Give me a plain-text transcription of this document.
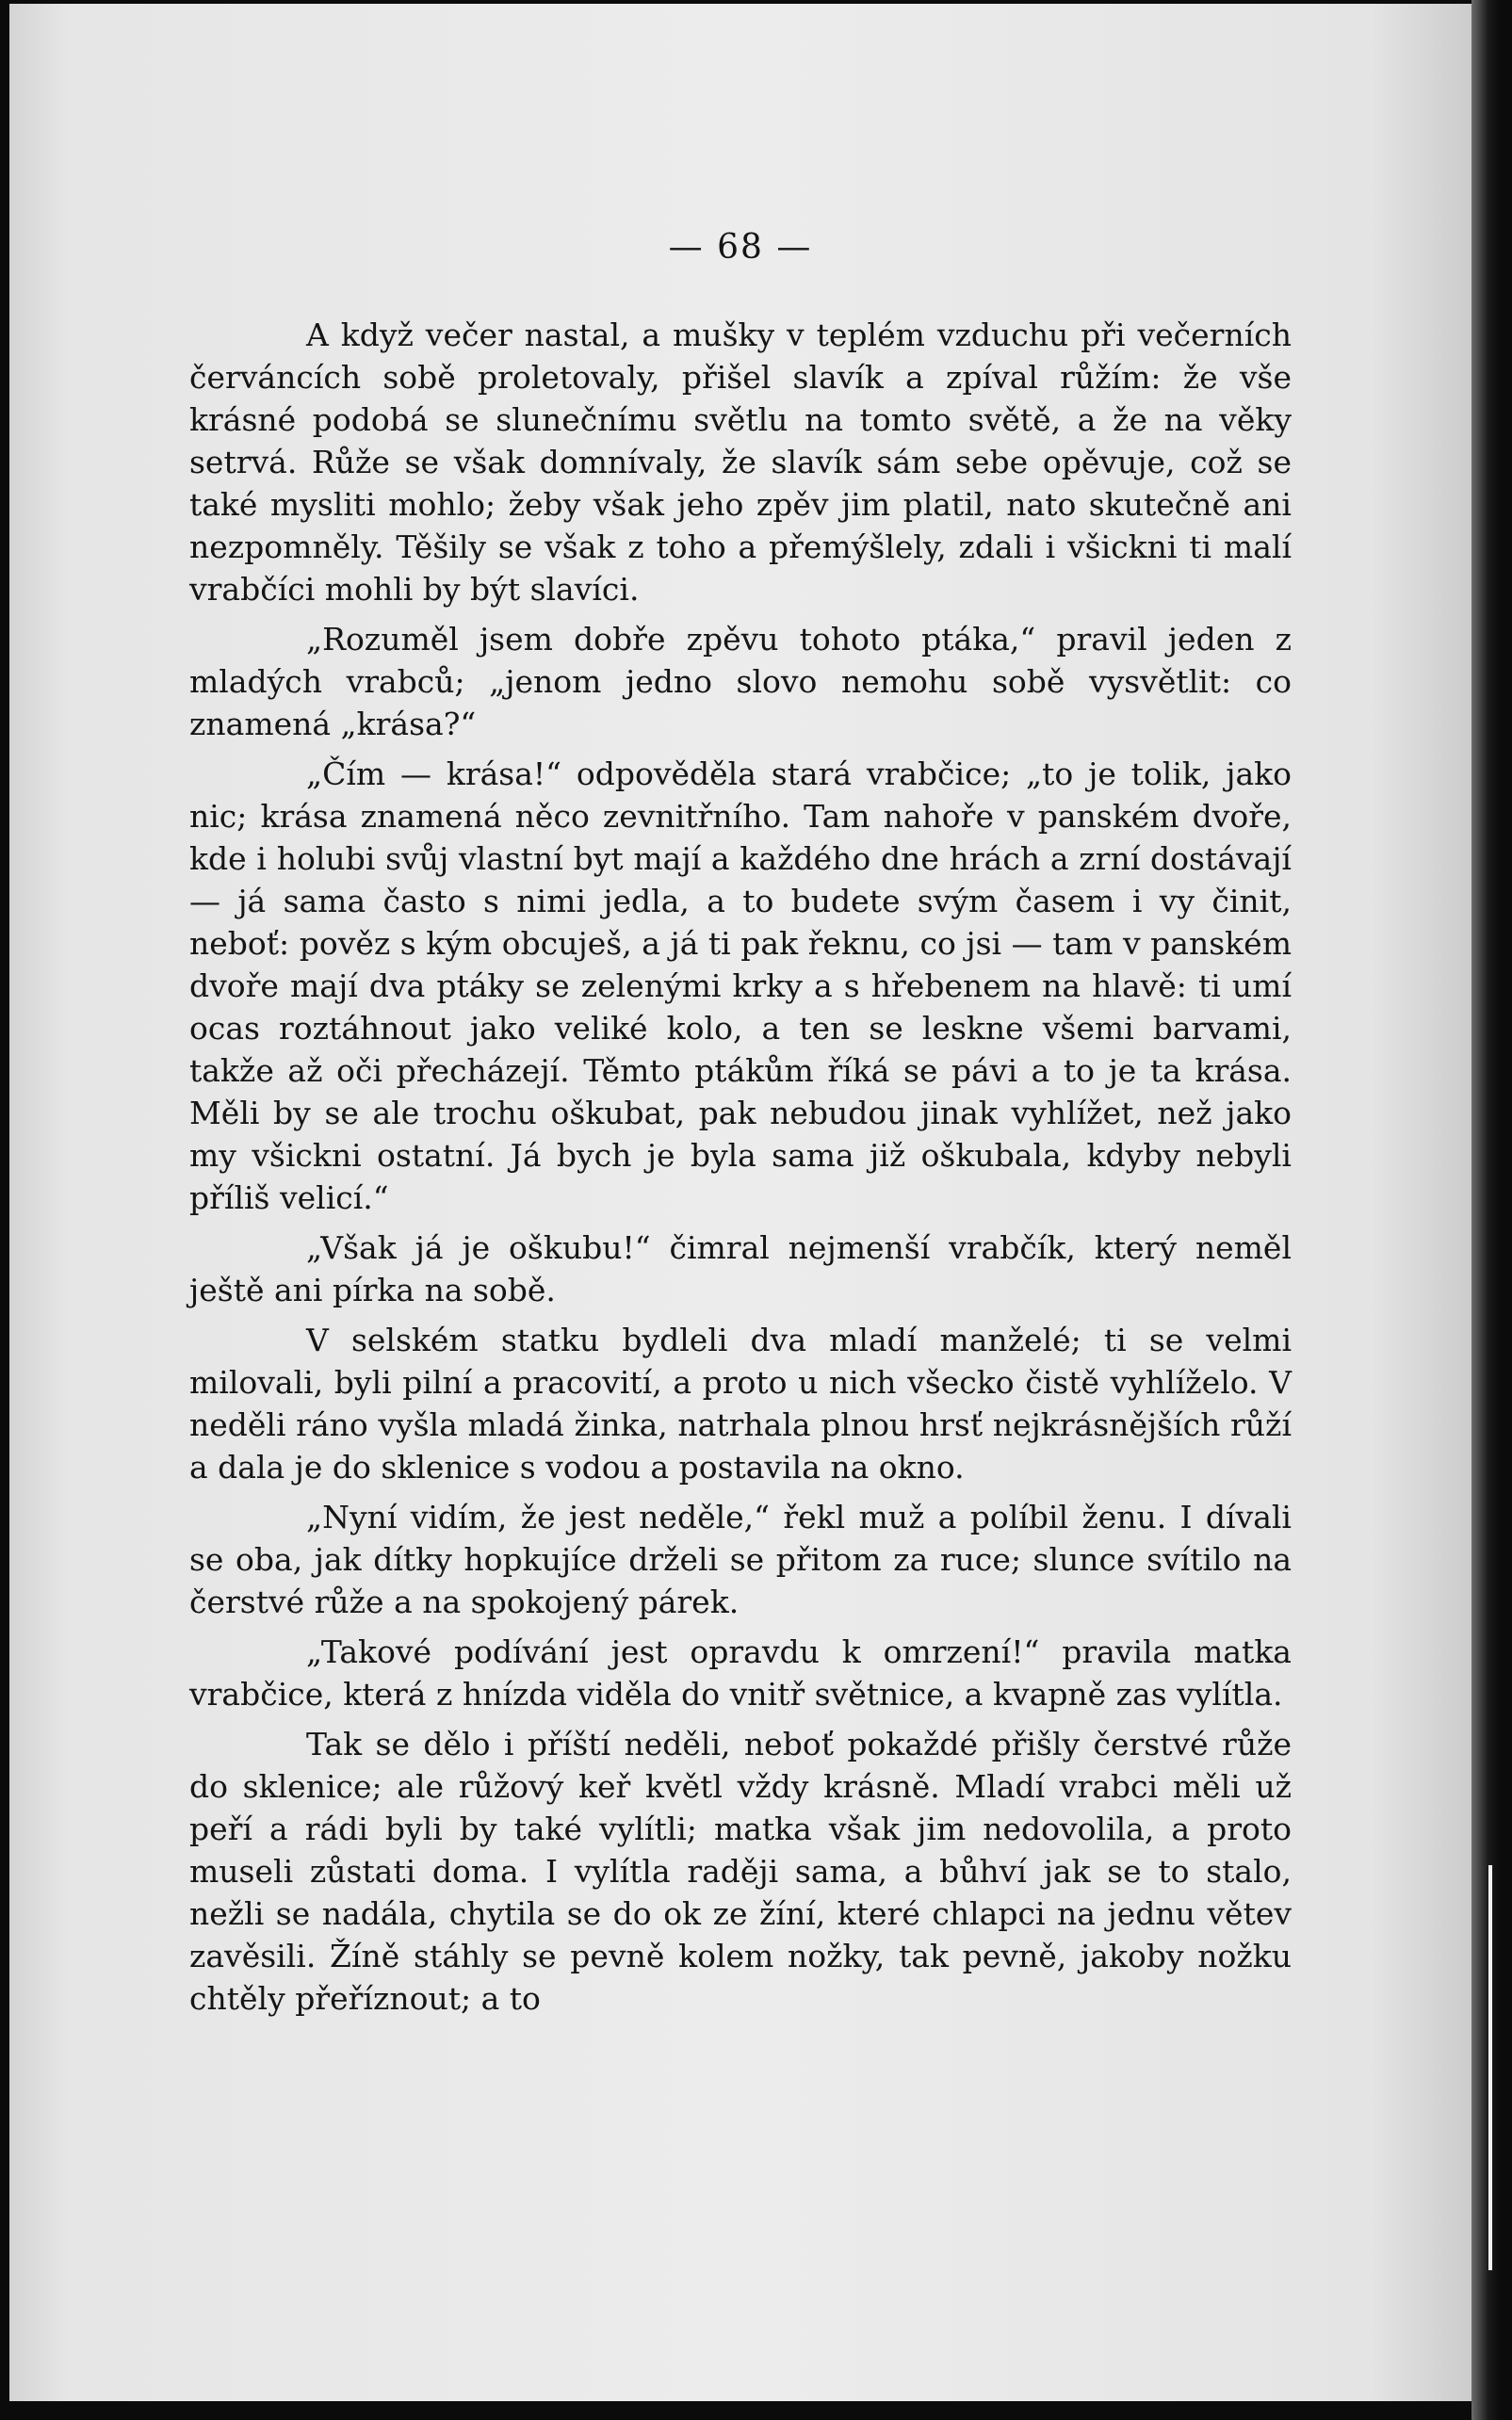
— 68 —

A když večer nastal, a mušky v teplém vzduchu při večerních červáncích sobě proletovaly, přišel slavík a zpíval růžím: že vše krásné podobá se slunečnímu světlu na tomto světě, a že na věky setrvá. Růže se však domnívaly, že slavík sám sebe opěvuje, což se také mysliti mohlo; žeby však jeho zpěv jim platil, nato skutečně ani nezpomněly. Těšily se však z toho a přemýšlely, zdali i všickni ti malí vrabčíci mohli by být slavíci.

„Rozuměl jsem dobře zpěvu tohoto ptáka,“ pravil jeden z mladých vrabců; „jenom jedno slovo nemohu sobě vysvětlit: co znamená „krása?“

„Čím — krása!“ odpověděla stará vrabčice; „to je tolik, jako nic; krása znamená něco zevnitřního. Tam nahoře v panském dvoře, kde i holubi svůj vlastní byt mají a každého dne hrách a zrní dostávají — já sama často s nimi jedla, a to budete svým časem i vy činit, neboť: pověz s kým obcuješ, a já ti pak řeknu, co jsi — tam v panském dvoře mají dva ptáky se zelenými krky a s hřebenem na hlavě: ti umí ocas roztáhnout jako veliké kolo, a ten se leskne všemi barvami, takže až oči přecházejí. Těmto ptákům říká se pávi a to je ta krása. Měli by se ale trochu oškubat, pak nebudou jinak vyhlížet, než jako my všickni ostatní. Já bych je byla sama již oškubala, kdyby nebyli příliš velicí.“

„Však já je oškubu!“ čimral nejmenší vrabčík, který neměl ještě ani pírka na sobě.

V selském statku bydleli dva mladí manželé; ti se velmi milovali, byli pilní a pracovití, a proto u nich všecko čistě vyhlíželo. V neděli ráno vyšla mladá žinka, natrhala plnou hrsť nejkrásnějších růží a dala je do sklenice s vodou a postavila na okno.

„Nyní vidím, že jest neděle,“ řekl muž a políbil ženu. I dívali se oba, jak dítky hopkujíce drželi se přitom za ruce; slunce svítilo na čerstvé růže a na spokojený párek.

„Takové podívání jest opravdu k omrzení!“ pravila matka vrabčice, která z hnízda viděla do vnitř světnice, a kvapně zas vylítla.

Tak se dělo i příští neděli, neboť pokaždé přišly čerstvé růže do sklenice; ale růžový keř květl vždy krásně. Mladí vrabci měli už peří a rádi byli by také vylítli; matka však jim nedovolila, a proto museli zůstati doma. I vylítla raději sama, a bůhví jak se to stalo, nežli se nadála, chytila se do ok ze žíní, které chlapci na jednu větev zavěsili. Žíně stáhly se pevně kolem nožky, tak pevně, jakoby nožku chtěly přeříznout; a to
